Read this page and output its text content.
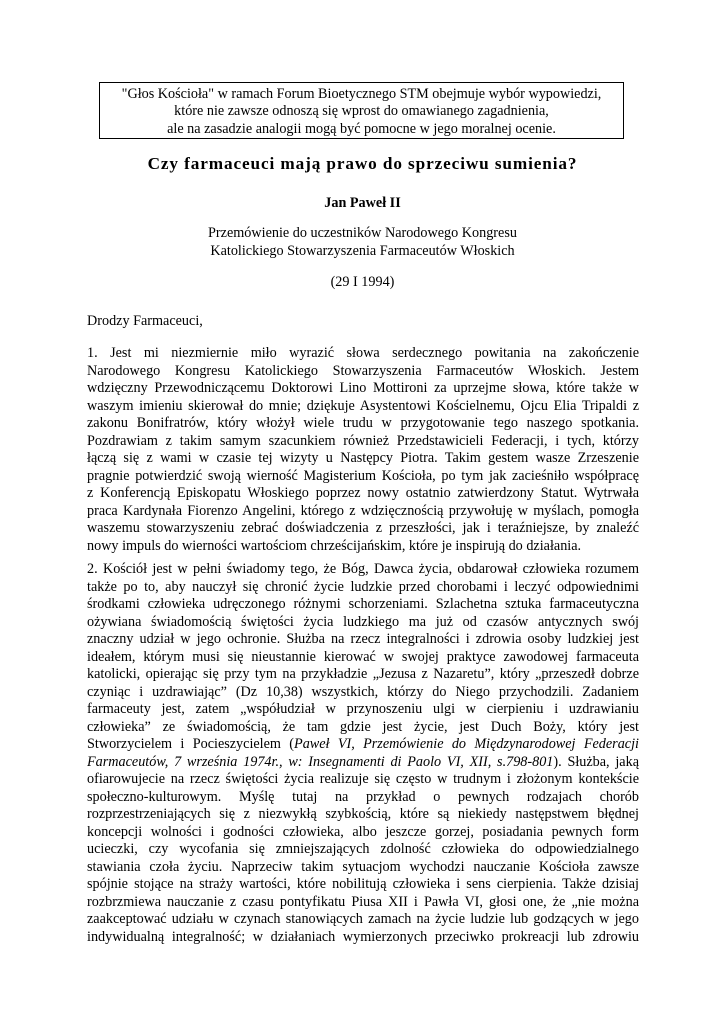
"Głos Kościoła" w ramach Forum Bioetycznego STM obejmuje wybór wypowiedzi,
które nie zawsze odnoszą się wprost do omawianego zagadnienia,
ale na zasadzie analogii mogą być pomocne w jego moralnej ocenie.
Czy farmaceuci mają prawo do sprzeciwu sumienia?
Jan Paweł II
Przemówienie do uczestników Narodowego Kongresu
Katolickiego Stowarzyszenia Farmaceutów Włoskich
(29 I 1994)
Drodzy Farmaceuci,
1. Jest mi niezmiernie miło wyrazić słowa serdecznego powitania na zakończenie
Narodowego Kongresu Katolickiego Stowarzyszenia Farmaceutów Włoskich. Jestem
wdzięczny Przewodniczącemu Doktorowi Lino Mottironi za uprzejme słowa, które także w
waszym imieniu skierował do mnie; dziękuje Asystentowi Kościelnemu, Ojcu Elia Tripaldi z
zakonu Bonifratrów, który włożył wiele trudu w przygotowanie tego naszego spotkania.
Pozdrawiam z takim samym szacunkiem również Przedstawicieli Federacji, i tych, którzy
łączą się z wami w czasie tej wizyty u Następcy Piotra. Takim gestem wasze Zrzeszenie
pragnie potwierdzić swoją wierność Magisterium Kościoła, po tym jak zacieśniło współpracę
z Konferencją Episkopatu Włoskiego poprzez nowy ostatnio zatwierdzony Statut. Wytrwała
praca Kardynała Fiorenzo Angelini, którego z wdzięcznością przywołuję w myślach, pomogła
waszemu stowarzyszeniu zebrać doświadczenia z przeszłości, jak i teraźniejsze, by znaleźć
nowy impuls do wierności wartościom chrześcijańskim, które je inspirują do działania.
2. Kościół jest w pełni świadomy tego, że Bóg, Dawca życia, obdarował człowieka rozumem
także po to, aby nauczył się chronić życie ludzkie przed chorobami i leczyć odpowiednimi
środkami człowieka udręczonego różnymi schorzeniami. Szlachetna sztuka farmaceutyczna
ożywiana świadomością świętości życia ludzkiego ma już od czasów antycznych swój
znaczny udział w jego ochronie. Służba na rzecz integralności i zdrowia osoby ludzkiej jest
ideałem, którym musi się nieustannie kierować w swojej praktyce zawodowej farmaceuta
katolicki, opierając się przy tym na przykładzie „Jezusa z Nazaretu”, który „przeszedł dobrze
czyniąc i uzdrawiając” (Dz 10,38) wszystkich, którzy do Niego przychodzili. Zadaniem
farmaceuty jest, zatem „współudział w przynoszeniu ulgi w cierpieniu i uzdrawianiu
człowieka” ze świadomością, że tam gdzie jest życie, jest Duch Boży, który jest
Stworzycielem i Pocieszycielem (Paweł VI, Przemówienie do Międzynarodowej Federacji
Farmaceutów, 7 września 1974r., w: Insegnamenti di Paolo VI, XII, s.798-801). Służba, jaką
ofiarowujecie na rzecz świętości życia realizuje się często w trudnym i złożonym kontekście
społeczno-kulturowym. Myślę tutaj na przykład o pewnych rodzajach chorób
rozprzestrzeniających się z niezwykłą szybkością, które są niekiedy następstwem błędnej
koncepcji wolności i godności człowieka, albo jeszcze gorzej, posiadania pewnych form
ucieczki, czy wycofania się zmniejszających zdolność człowieka do odpowiedzialnego
stawiania czoła życiu. Naprzeciw takim sytuacjom wychodzi nauczanie Kościoła zawsze
spójnie stojące na straży wartości, które nobilitują człowieka i sens cierpienia. Także dzisiaj
rozbrzmiewa nauczanie z czasu pontyfikatu Piusa XII i Pawła VI, głosi one, że „nie można
zaakceptować udziału w czynach stanowiących zamach na życie ludzie lub godzących w jego
indywidualną integralność; w działaniach wymierzonych przeciwko prokreacji lub zdrowiu
